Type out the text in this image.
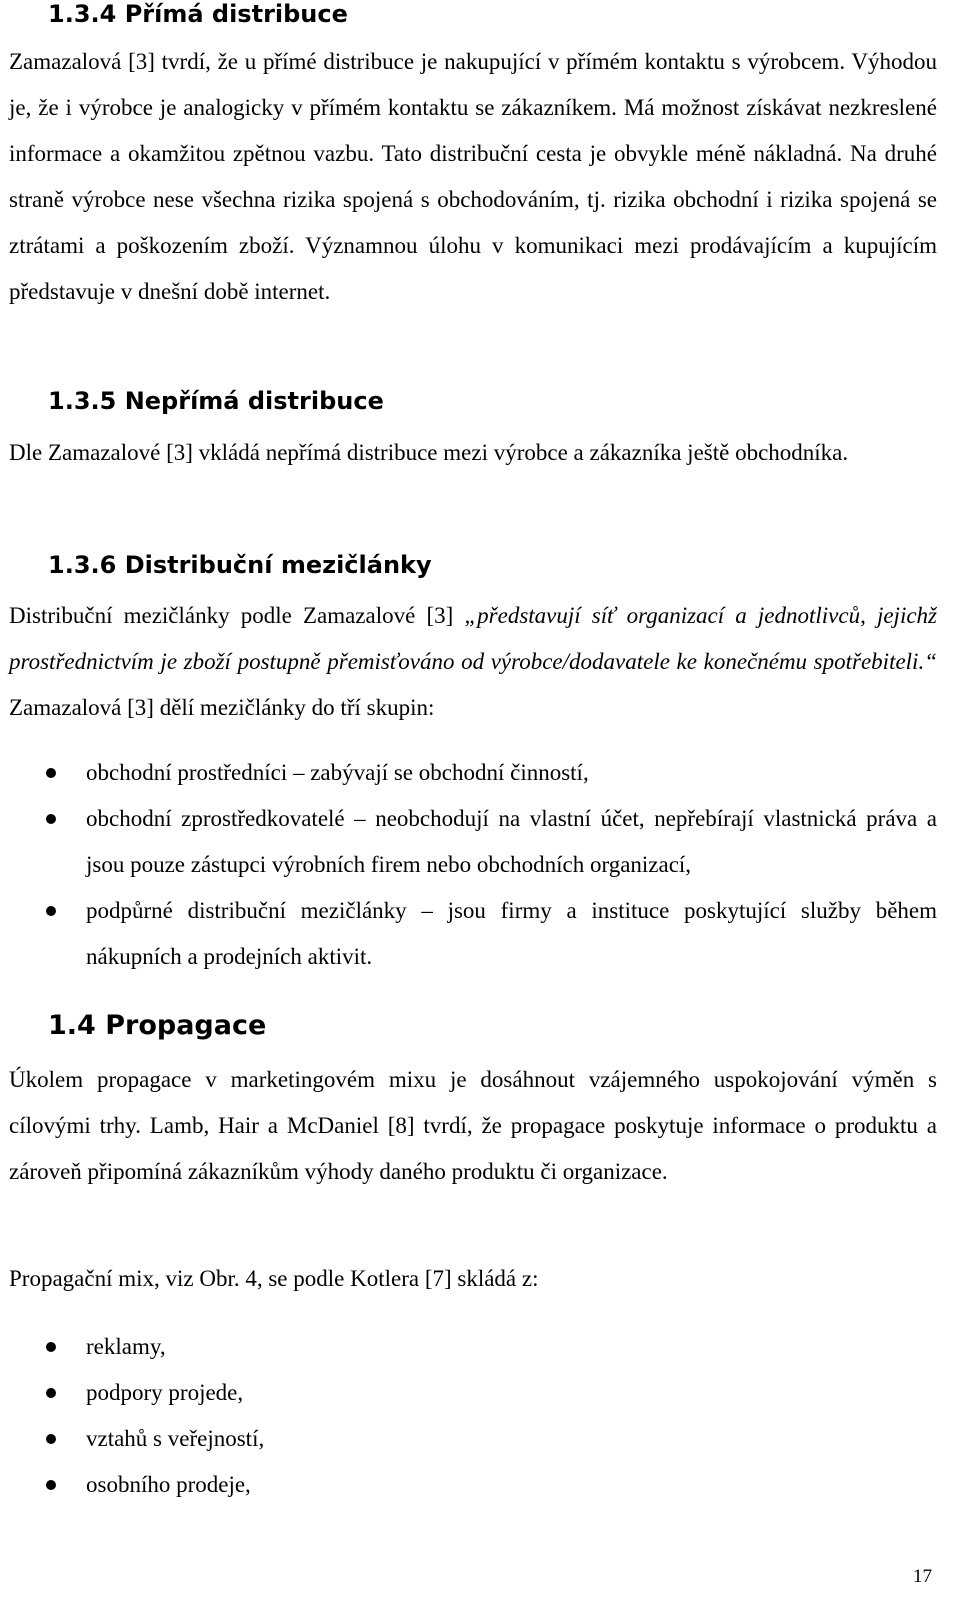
1.3.4 Přímá distribuce

Zamazalová [3] tvrdí, že u přímé distribuce je nakupující v přímém kontaktu s výrobcem. Výhodou je, že i výrobce je analogicky v přímém kontaktu se zákazníkem. Má možnost získávat nezkreslené informace a okamžitou zpětnou vazbu. Tato distribuční cesta je obvykle méně nákladná. Na druhé straně výrobce nese všechna rizika spojená s obchodováním, tj. rizika obchodní i rizika spojená se ztrátami a poškozením zboží. Významnou úlohu v komunikaci mezi prodávajícím a kupujícím představuje v dnešní době internet.

1.3.5 Nepřímá distribuce

Dle Zamazalové [3] vkládá nepřímá distribuce mezi výrobce a zákazníka ještě obchodníka.

1.3.6 Distribuční mezičlánky

Distribuční mezičlánky podle Zamazalové [3] „představují síť organizací a jednotlivců, jejichž prostřednictvím je zboží postupně přemisťováno od výrobce/dodavatele ke konečnému spotřebiteli.“ Zamazalová [3] dělí mezičlánky do tří skupin:

obchodní prostředníci – zabývají se obchodní činností,
obchodní zprostředkovatelé – neobchodují na vlastní účet, nepřebírají vlastnická práva a jsou pouze zástupci výrobních firem nebo obchodních organizací,
podpůrné distribuční mezičlánky – jsou firmy a instituce poskytující služby během nákupních a prodejních aktivit.
1.4 Propagace

Úkolem propagace v marketingovém mixu je dosáhnout vzájemného uspokojování výměn s cílovými trhy. Lamb, Hair a McDaniel [8] tvrdí, že propagace poskytuje informace o produktu a zároveň připomíná zákazníkům výhody daného produktu či organizace.

Propagační mix, viz Obr. 4, se podle Kotlera [7] skládá z:

reklamy,
podpory projede,
vztahů s veřejností,
osobního prodeje,
17
